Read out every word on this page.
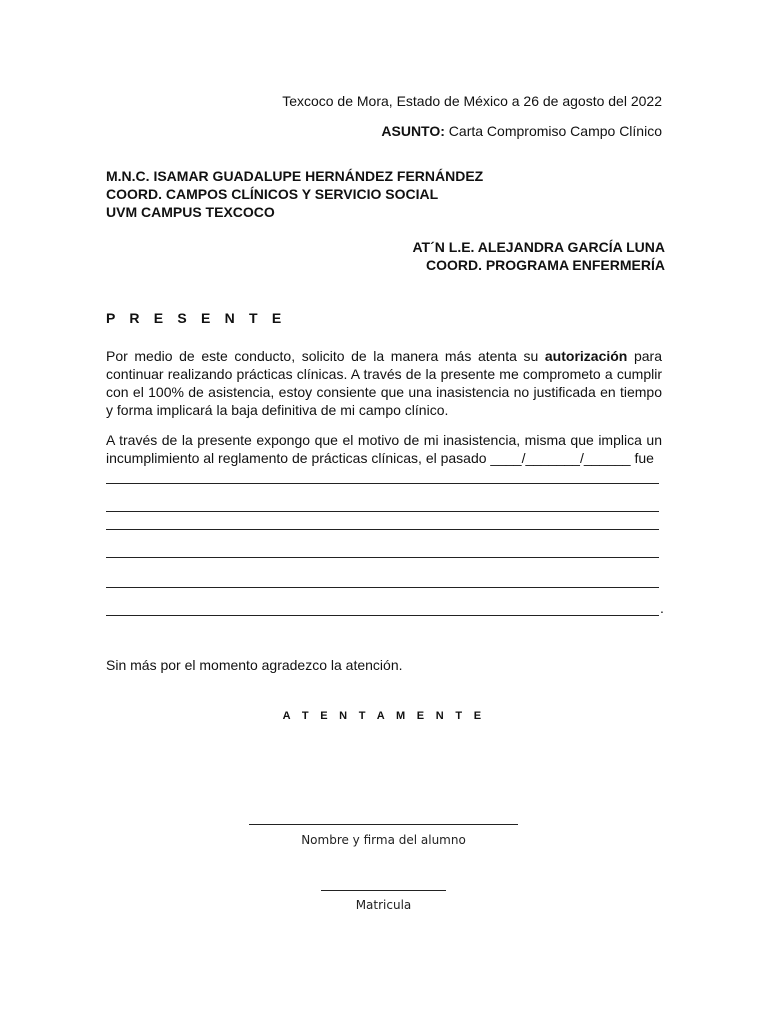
Texcoco de Mora, Estado de México a 26 de agosto del 2022
ASUNTO: Carta Compromiso Campo Clínico
M.N.C. ISAMAR GUADALUPE HERNÁNDEZ FERNÁNDEZ
COORD. CAMPOS CLÍNICOS Y SERVICIO SOCIAL
UVM CAMPUS TEXCOCO
AT´N L.E. ALEJANDRA GARCÍA LUNA
COORD. PROGRAMA ENFERMERÍA
P R E S E N T E
Por medio de este conducto, solicito de la manera más atenta su autorización para continuar realizando prácticas clínicas. A través de la presente me comprometo a cumplir con el 100% de asistencia, estoy consiente que una inasistencia no justificada en tiempo y forma implicará la baja definitiva de mi campo clínico.
A través de la presente expongo que el motivo de mi inasistencia, misma que implica un incumplimiento al reglamento de prácticas clínicas, el pasado ____/_______/______ fue
.
Sin más por el momento agradezco la atención.
A T E N T A M E N T E
Nombre y firma del alumno
Matricula
